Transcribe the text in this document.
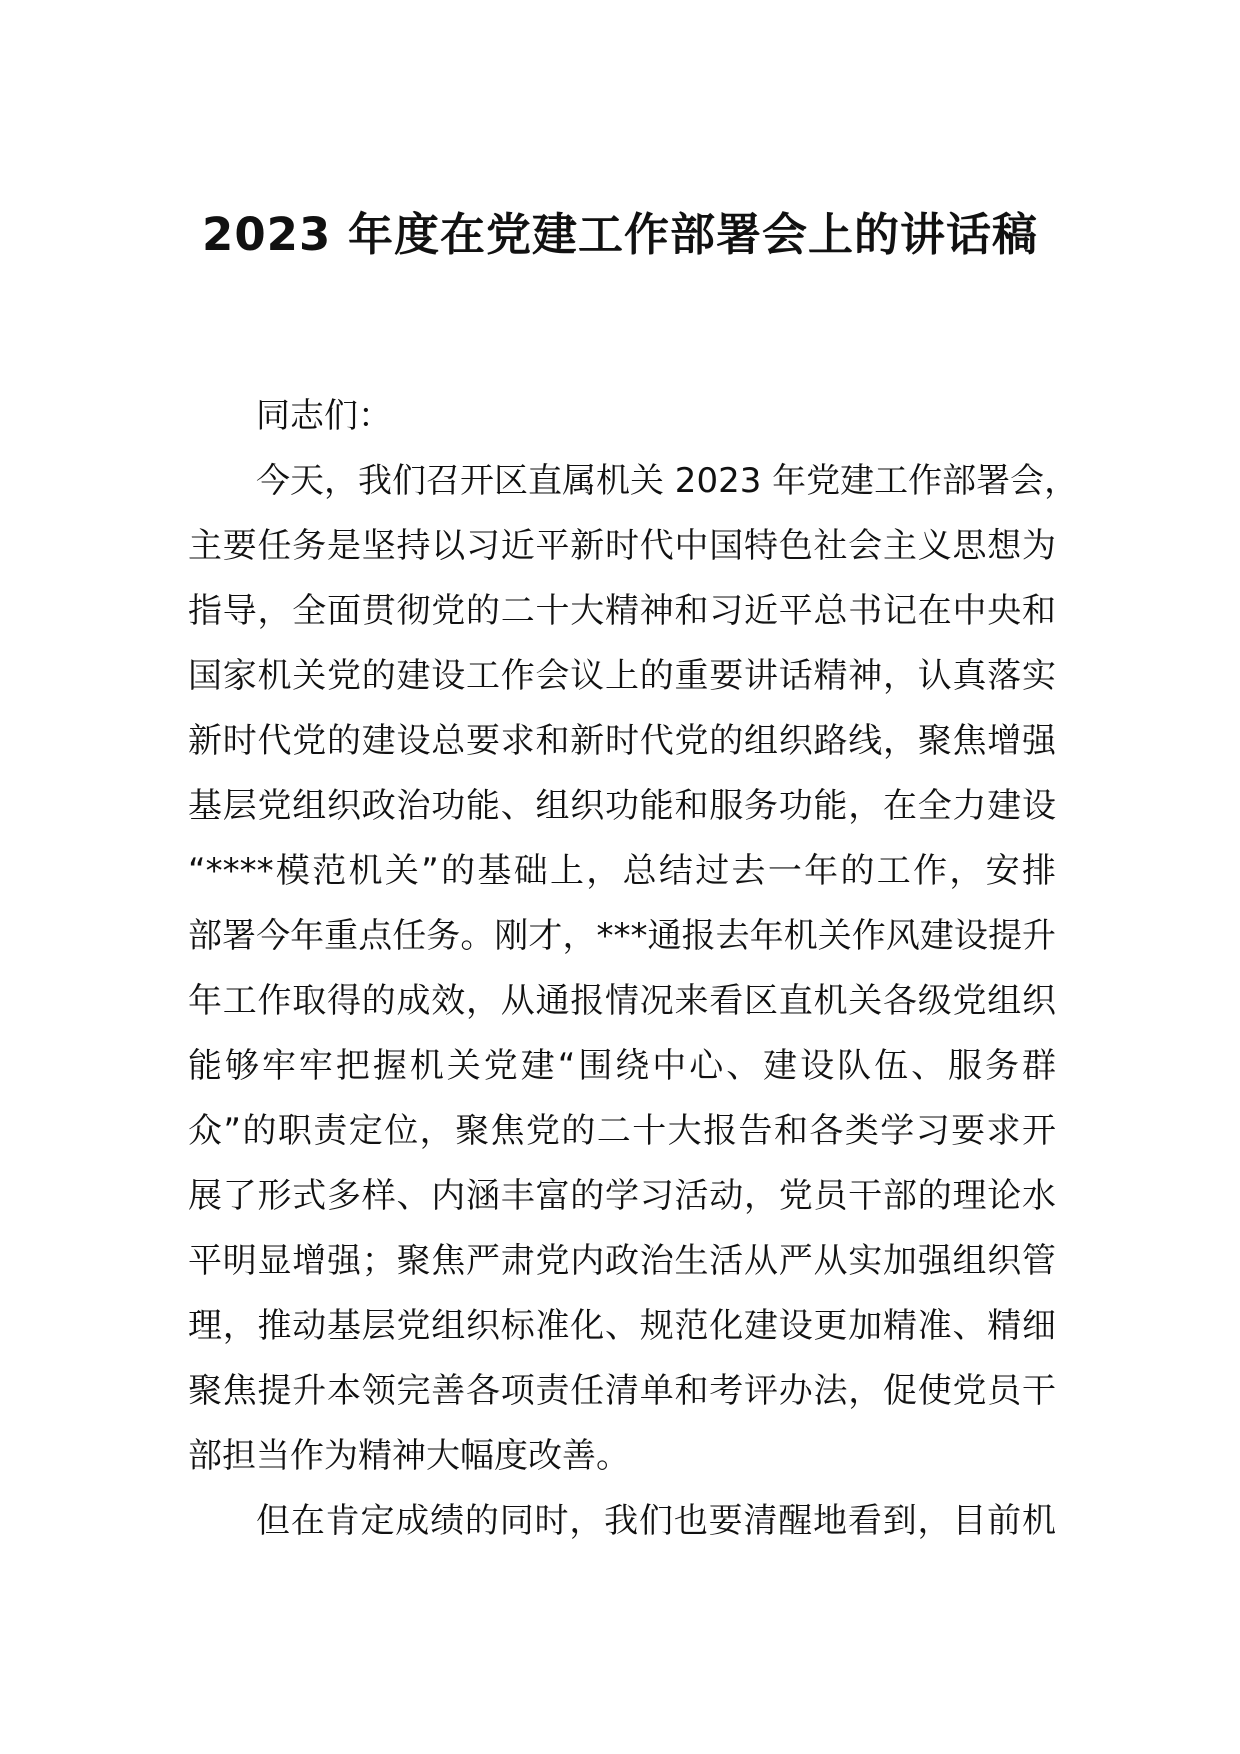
2023 年度在党建工作部署会上的讲话稿
同志们：
今天，我们召开区直属机关 2023 年党建工作部署会，
主要任务是坚持以习近平新时代中国特色社会主义思想为
指导，全面贯彻党的二十大精神和习近平总书记在中央和
国家机关党的建设工作会议上的重要讲话精神，认真落实
新时代党的建设总要求和新时代党的组织路线，聚焦增强
基层党组织政治功能、组织功能和服务功能，在全力建设
“****模范机关”的基础上，总结过去一年的工作，安排
部署今年重点任务。刚才，***通报去年机关作风建设提升
年工作取得的成效，从通报情况来看区直机关各级党组织
能够牢牢把握机关党建“围绕中心、建设队伍、服务群
众”的职责定位，聚焦党的二十大报告和各类学习要求开
展了形式多样、内涵丰富的学习活动，党员干部的理论水
平明显增强；聚焦严肃党内政治生活从严从实加强组织管
理，推动基层党组织标准化、规范化建设更加精准、精细
聚焦提升本领完善各项责任清单和考评办法，促使党员干
部担当作为精神大幅度改善。
但在肯定成绩的同时，我们也要清醒地看到，目前机
